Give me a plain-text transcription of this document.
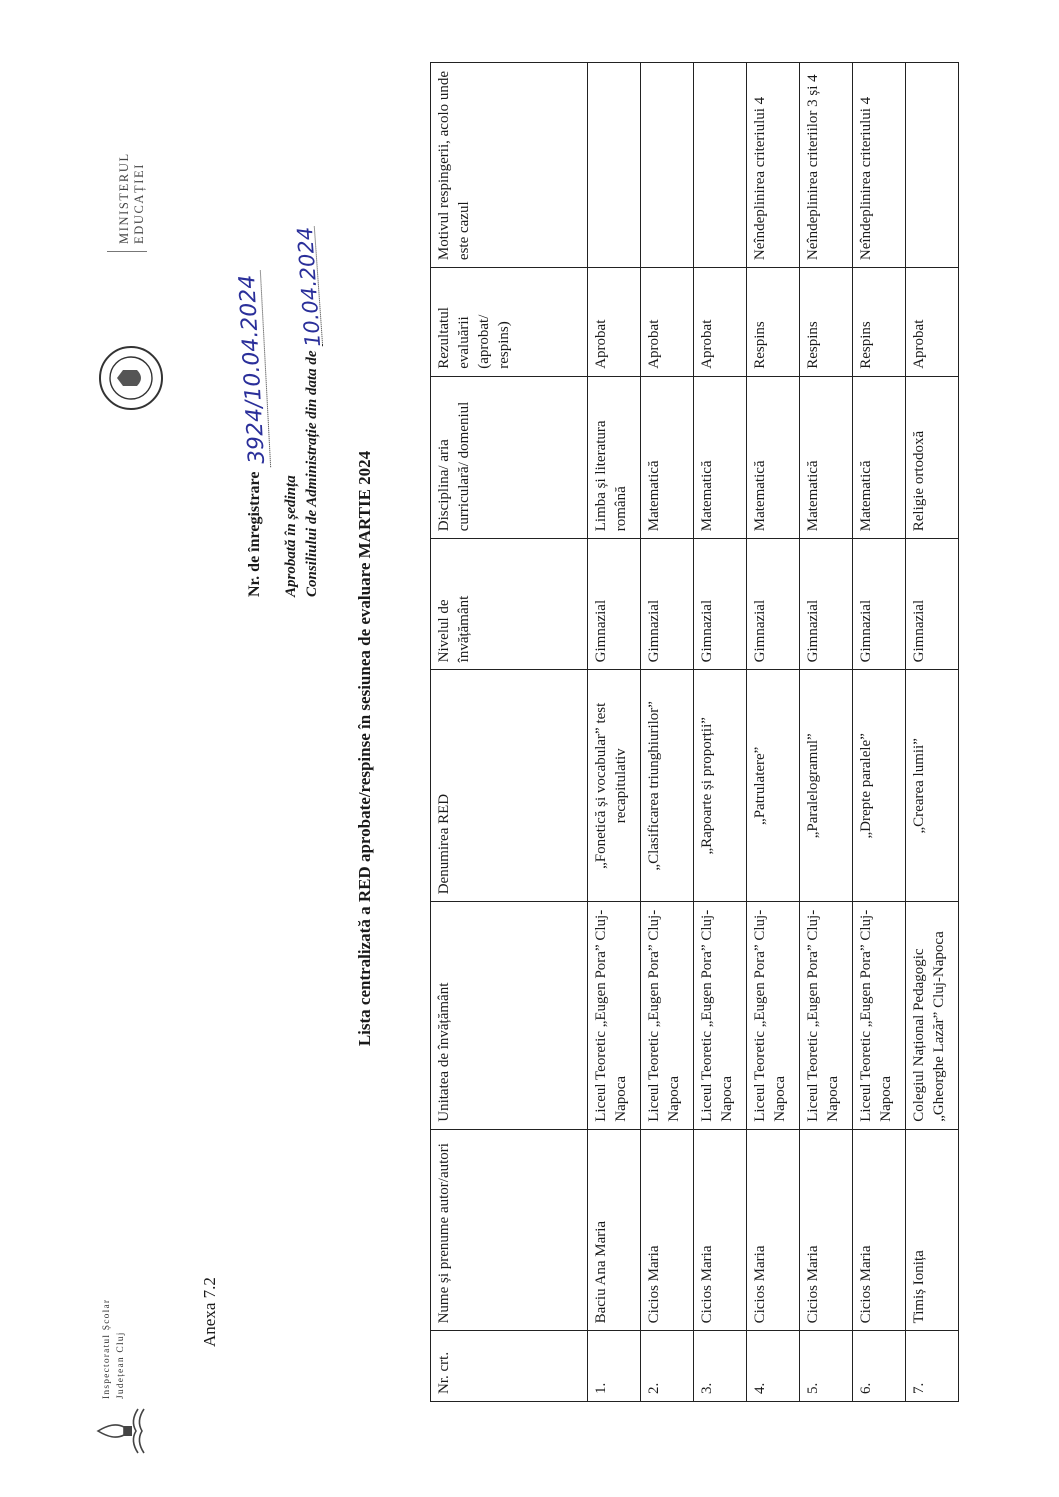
Inspectoratul Școlar Județean Cluj
Anexa 7.2
Nr. de înregistrare 3924/10.04.2024
Aprobată în ședința Consiliului de Administrație din data de 10.04.2024
MINISTERUL EDUCAȚIEI
Lista centralizată a RED aprobate/respinse în sesiunea de evaluare MARTIE 2024
Nr. crt.	Nume și prenume autor/autori	Unitatea de învățământ	Denumirea RED	Nivelul de învățământ	Disciplina/ aria curriculară/ domeniul	Rezultatul evaluării (aprobat/ respins)	Motivul respingerii, acolo unde este cazul
1.	Baciu Ana Maria	Liceul Teoretic „Eugen Pora” Cluj-Napoca	„Fonetică și vocabular” test recapitulativ	Gimnazial	Limba și literatura română	Aprobat	
2.	Cicios Maria	Liceul Teoretic „Eugen Pora” Cluj-Napoca	„Clasificarea triunghiurilor”	Gimnazial	Matematică	Aprobat	
3.	Cicios Maria	Liceul Teoretic „Eugen Pora” Cluj-Napoca	„Rapoarte și proporții”	Gimnazial	Matematică	Aprobat	
4.	Cicios Maria	Liceul Teoretic „Eugen Pora” Cluj-Napoca	„Patrulatere”	Gimnazial	Matematică	Respins	Neîndeplinirea criteriului 4
5.	Cicios Maria	Liceul Teoretic „Eugen Pora” Cluj-Napoca	„Paralelogramul”	Gimnazial	Matematică	Respins	Neîndeplinirea criteriilor 3 și 4
6.	Cicios Maria	Liceul Teoretic „Eugen Pora” Cluj-Napoca	„Drepte paralele”	Gimnazial	Matematică	Respins	Neîndeplinirea criteriului 4
7.	Timiș Ionița	Colegiul Național Pedagogic „Gheorghe Lazăr” Cluj-Napoca	„Crearea lumii”	Gimnazial	Religie ortodoxă	Aprobat	
